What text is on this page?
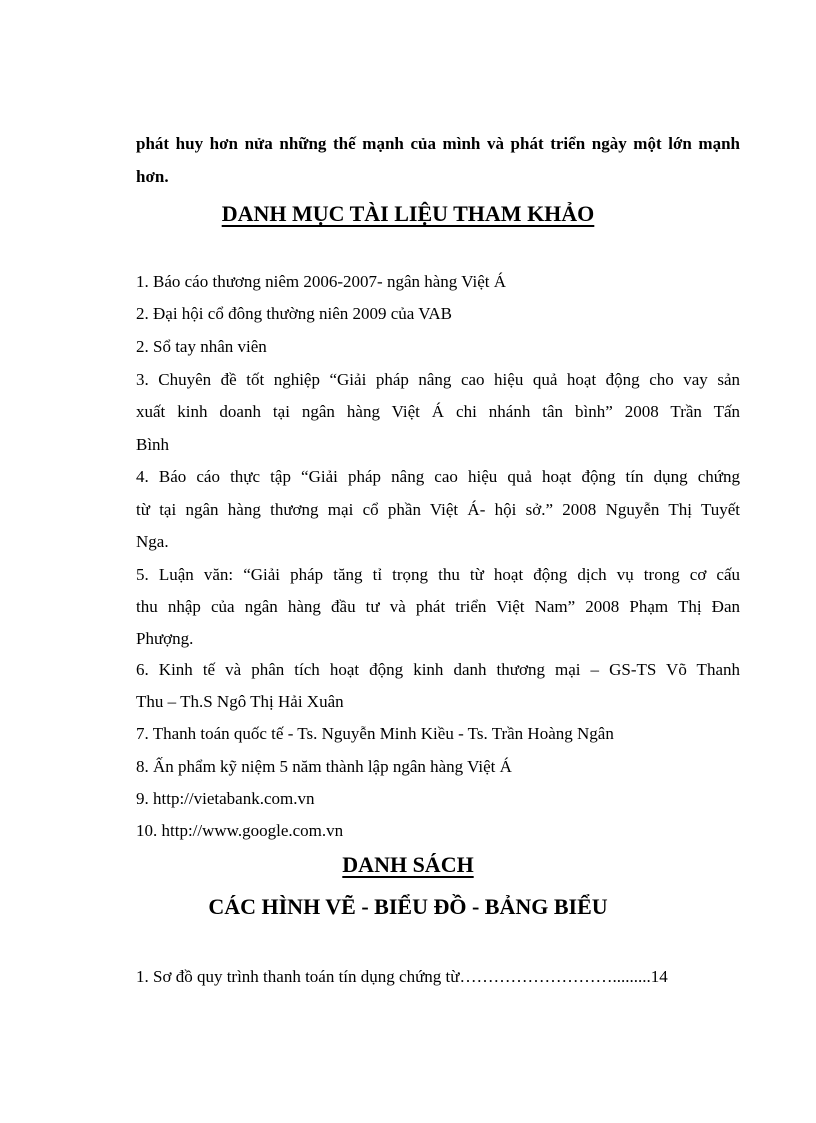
phát huy hơn nửa những thế mạnh của mình và phát triển ngày một lớn mạnh
hơn.
DANH MỤC TÀI LIỆU THAM KHẢO
1. Báo cáo thương niêm 2006-2007- ngân hàng Việt Á
2. Đại hội cổ đông thường niên 2009 của VAB
2. Sổ tay nhân viên
3. Chuyên đề tốt nghiệp “Giải pháp nâng cao hiệu quả hoạt động cho vay sản
xuất kinh doanh tại ngân hàng Việt Á chi nhánh tân bình” 2008 Trần Tấn
Bình
4. Báo cáo thực tập “Giải pháp nâng cao hiệu quả hoạt động tín dụng chứng
từ tại ngân hàng thương mại cổ phần Việt Á- hội sở.” 2008 Nguyễn Thị Tuyết
Nga.
5. Luận văn: “Giải pháp tăng tỉ trọng thu từ hoạt động dịch vụ trong cơ cấu
thu nhập của ngân hàng đầu tư và phát triển Việt Nam” 2008 Phạm Thị Đan
Phượng.
6. Kinh tế và phân tích hoạt động kinh danh thương mại – GS-TS Võ Thanh
Thu – Th.S Ngô Thị Hải Xuân
7. Thanh toán quốc tế - Ts. Nguyễn Minh Kiều - Ts. Trần Hoàng Ngân
8. Ấn phẩm kỹ niệm 5 năm thành lập ngân hàng Việt Á
9. http://vietabank.com.vn
10. http://www.google.com.vn
DANH SÁCH
CÁC HÌNH VẼ - BIỂU ĐỒ - BẢNG BIỂU
1. Sơ đồ quy trình thanh toán tín dụng chứng từ……………………….........14
